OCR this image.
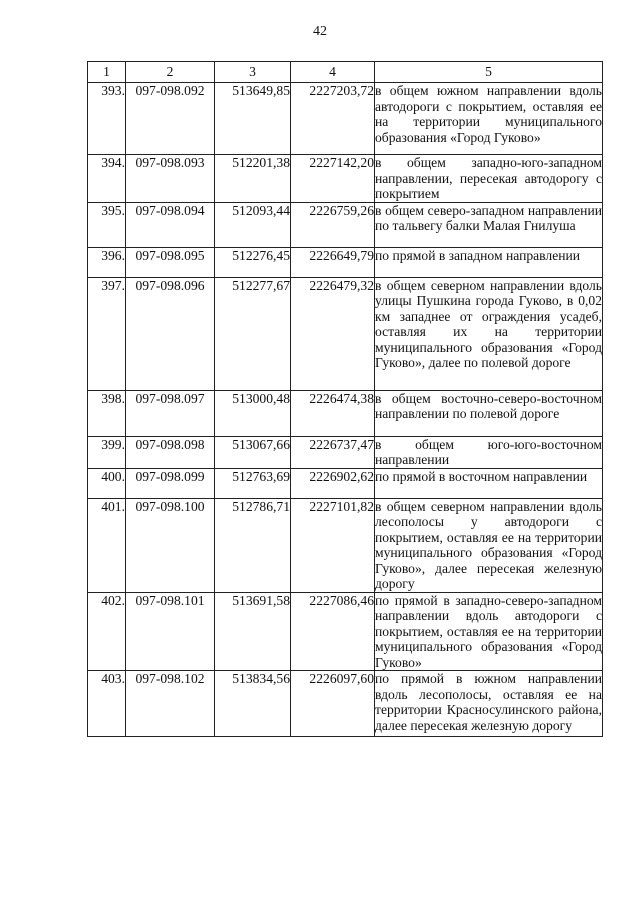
42
1	2	3	4	5
393.	097-098.092	513649,85	2227203,72	в общем южном направлении вдоль автодороги с покрытием, оставляя ее на территории муниципального образования «Город Гуково»
394.	097-098.093	512201,38	2227142,20	в общем западно-юго-западном направлении, пересекая автодорогу с покрытием
395.	097-098.094	512093,44	2226759,26	в общем северо-западном направлении по тальвегу балки Малая Гнилуша
396.	097-098.095	512276,45	2226649,79	по прямой в западном направлении
397.	097-098.096	512277,67	2226479,32	в общем северном направлении вдоль улицы Пушкина города Гуково, в 0,02 км западнее от ограждения усадеб, оставляя их на территории муниципального образования «Город Гуково», далее по полевой дороге
398.	097-098.097	513000,48	2226474,38	в общем восточно-северо-восточном направлении по полевой дороге
399.	097-098.098	513067,66	2226737,47	в общем юго-юго-восточном направлении
400.	097-098.099	512763,69	2226902,62	по прямой в восточном направлении
401.	097-098.100	512786,71	2227101,82	в общем северном направлении вдоль лесополосы у автодороги с покрытием, оставляя ее на территории муниципального образования «Город Гуково», далее пересекая железную дорогу
402.	097-098.101	513691,58	2227086,46	по прямой в западно-северо-западном направлении вдоль автодороги с покрытием, оставляя ее на территории муниципального образования «Город Гуково»
403.	097-098.102	513834,56	2226097,60	по прямой в южном направлении вдоль лесополосы, оставляя ее на территории Красносулинского района, далее пересекая железную дорогу
